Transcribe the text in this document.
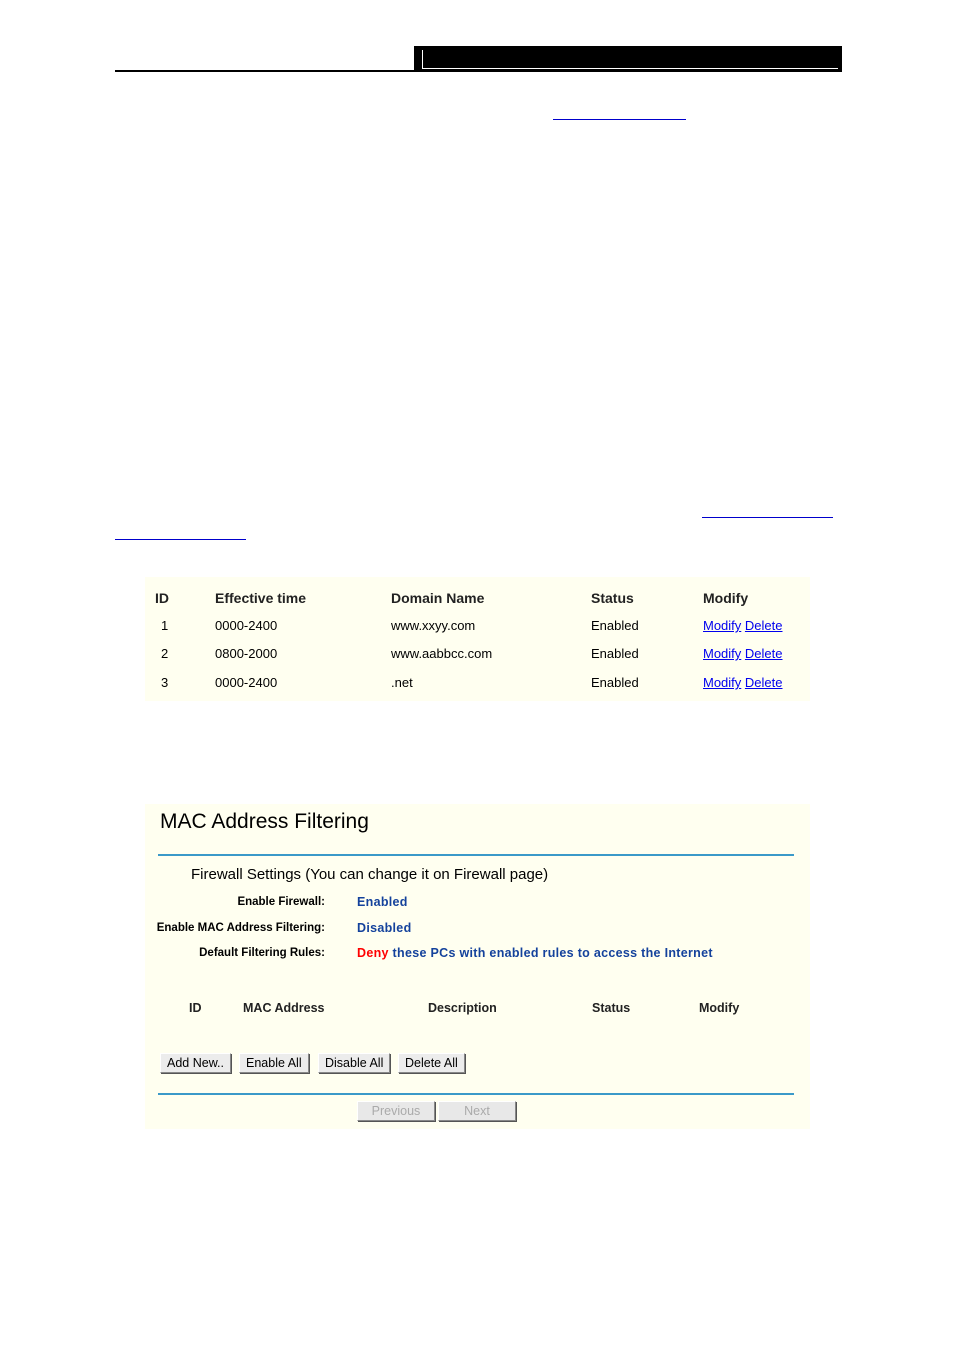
ID	Effective time	Domain Name	Status	Modify
1	0000-2400	www.xxyy.com	Enabled	Modify Delete
2	0800-2000	www.aabbcc.com	Enabled	Modify Delete
3	0000-2400	.net	Enabled	Modify Delete
MAC Address Filtering
Firewall Settings (You can change it on Firewall page)
Enable Firewall:	Enabled
Enable MAC Address Filtering:	Disabled
Default Filtering Rules:	Deny these PCs with enabled rules to access the Internet
ID	MAC Address	Description	Status	Modify
Add New..	Enable All	Disable All	Delete All
Previous	Next
